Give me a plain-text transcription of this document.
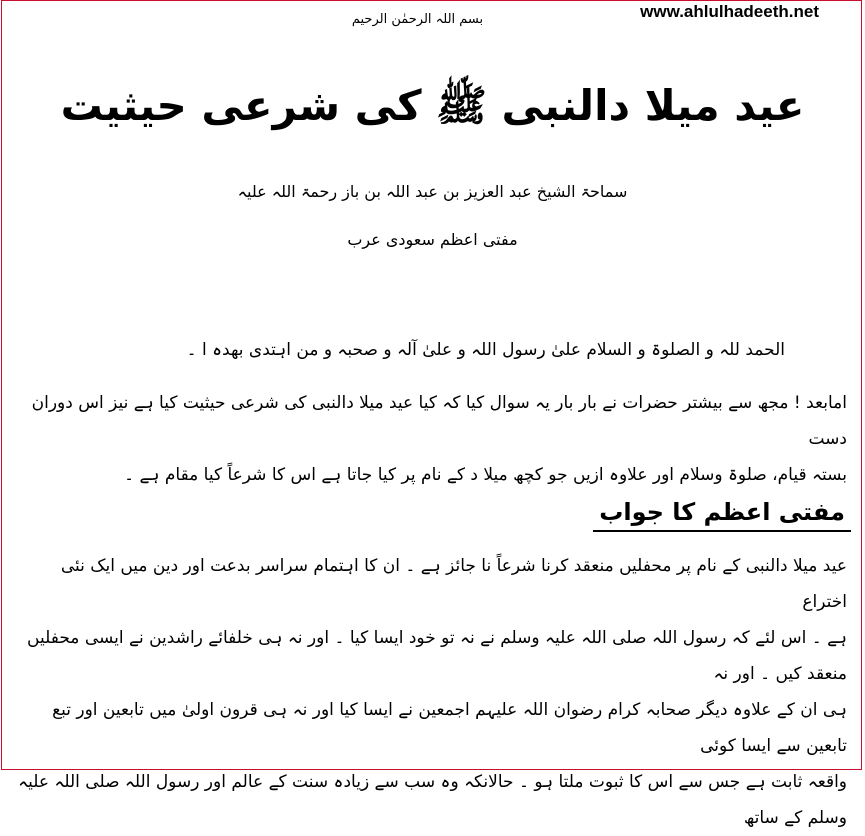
www.ahlulhadeeth.net
بسم اللہ الرحمٰن الرحیم
عید میلا دالنبی ﷺ کی شرعی حیثیت
سماحۃ الشیخ عبد العزیز بن عبد اللہ بن باز رحمۃ اللہ علیہ
مفتی اعظم سعودی عرب
الحمد للہ و الصلوۃ و السلام علیٰ رسول اللہ و علیٰ آلہ و صحبہ و من اہتدی بھدہ ا ۔
امابعد ! مجھ سے بیشتر حضرات نے بار بار یہ سوال کیا کہ کیا عید میلا دالنبی کی شرعی حیثیت کیا ہے نیز اس دوران دست
بستہ قیام، صلوۃ وسلام اور علاوہ ازیں جو کچھ میلا د کے نام پر کیا جاتا ہے اس کا شرعاً کیا مقام ہے ۔
مفتی اعظم کا جواب
عید میلا دالنبی کے نام پر محفلیں منعقد کرنا شرعاً نا جائز ہے ۔ ان کا اہتمام سراسر بدعت اور دین میں ایک نئی اختراع
ہے ۔ اس لئے کہ رسول اللہ صلی اللہ علیہ وسلم نے نہ تو خود ایسا کیا ۔ اور نہ ہی خلفائے راشدین نے ایسی محفلیں منعقد کیں ۔ اور نہ
ہی ان کے علاوہ دیگر صحابہ کرام رضوان اللہ علیہم اجمعین نے ایسا کیا اور نہ ہی قرون اولیٰ میں تابعین اور تبع تابعین سے ایسا کوئی
واقعہ ثابت ہے جس سے اس کا ثبوت ملتا ہو ۔ حالانکہ وہ سب سے زیادہ سنت کے عالم اور رسول اللہ صلی اللہ علیہ وسلم کے ساتھ
